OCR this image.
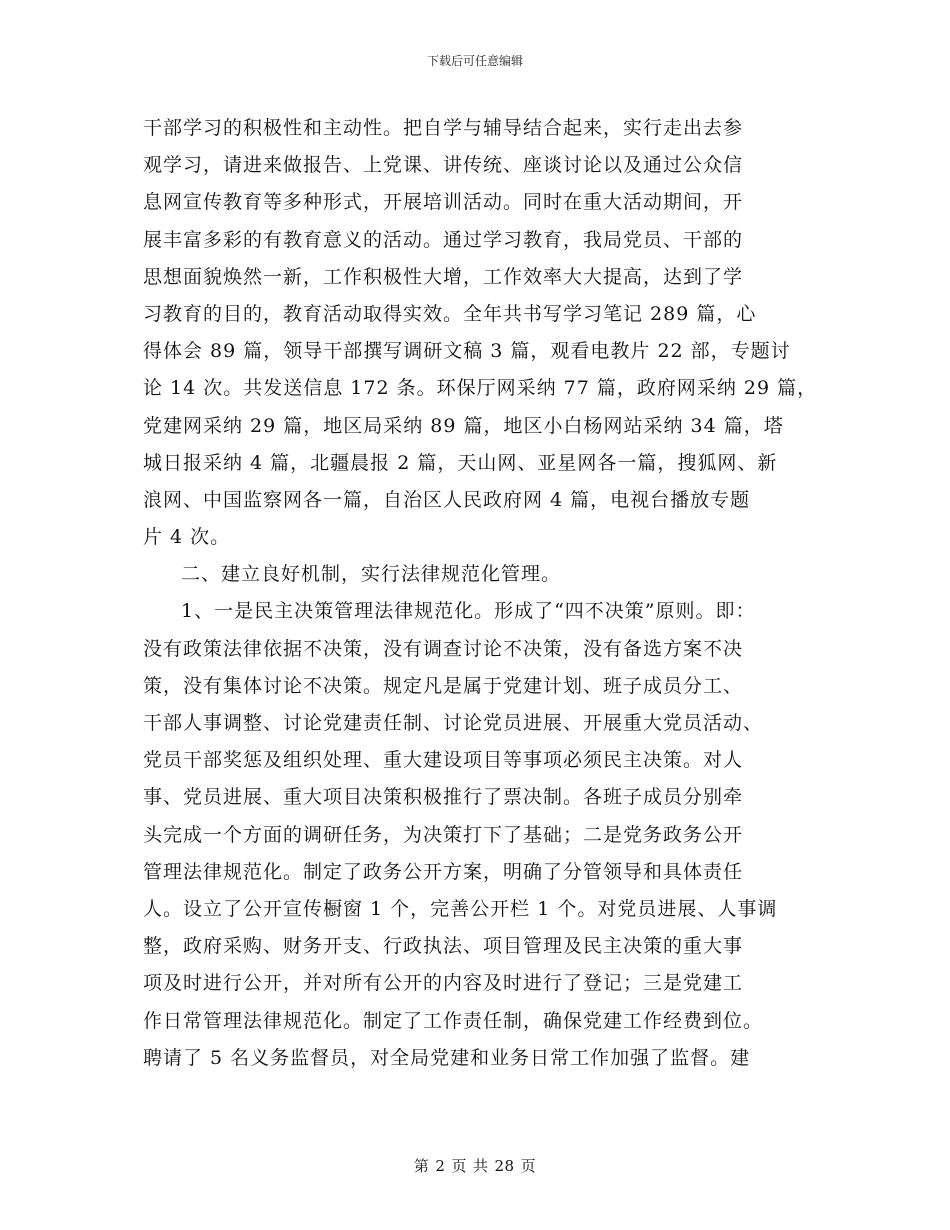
下载后可任意编辑
干部学习的积极性和主动性。把自学与辅导结合起来，实行走出去参
观学习，请进来做报告、上党课、讲传统、座谈讨论以及通过公众信
息网宣传教育等多种形式，开展培训活动。同时在重大活动期间，开
展丰富多彩的有教育意义的活动。通过学习教育，我局党员、干部的
思想面貌焕然一新，工作积极性大增，工作效率大大提高，达到了学
习教育的目的，教育活动取得实效。全年共书写学习笔记 289 篇，心
得体会 89 篇，领导干部撰写调研文稿 3 篇，观看电教片 22 部，专题讨
论 14 次。共发送信息 172 条。环保厅网采纳 77 篇，政府网采纳 29 篇，
党建网采纳 29 篇，地区局采纳 89 篇，地区小白杨网站采纳 34 篇，塔
城日报采纳 4 篇，北疆晨报 2 篇，天山网、亚星网各一篇，搜狐网、新
浪网、中国监察网各一篇，自治区人民政府网 4 篇，电视台播放专题
片 4 次。
二、建立良好机制，实行法律规范化管理。
1、一是民主决策管理法律规范化。形成了“四不决策”原则。即：
没有政策法律依据不决策，没有调查讨论不决策，没有备选方案不决
策，没有集体讨论不决策。规定凡是属于党建计划、班子成员分工、
干部人事调整、讨论党建责任制、讨论党员进展、开展重大党员活动、
党员干部奖惩及组织处理、重大建设项目等事项必须民主决策。对人
事、党员进展、重大项目决策积极推行了票决制。各班子成员分别牵
头完成一个方面的调研任务，为决策打下了基础；二是党务政务公开
管理法律规范化。制定了政务公开方案，明确了分管领导和具体责任
人。设立了公开宣传橱窗 1 个，完善公开栏 1 个。对党员进展、人事调
整，政府采购、财务开支、行政执法、项目管理及民主决策的重大事
项及时进行公开，并对所有公开的内容及时进行了登记；三是党建工
作日常管理法律规范化。制定了工作责任制，确保党建工作经费到位。
聘请了 5 名义务监督员，对全局党建和业务日常工作加强了监督。建
第 2 页 共 28 页
